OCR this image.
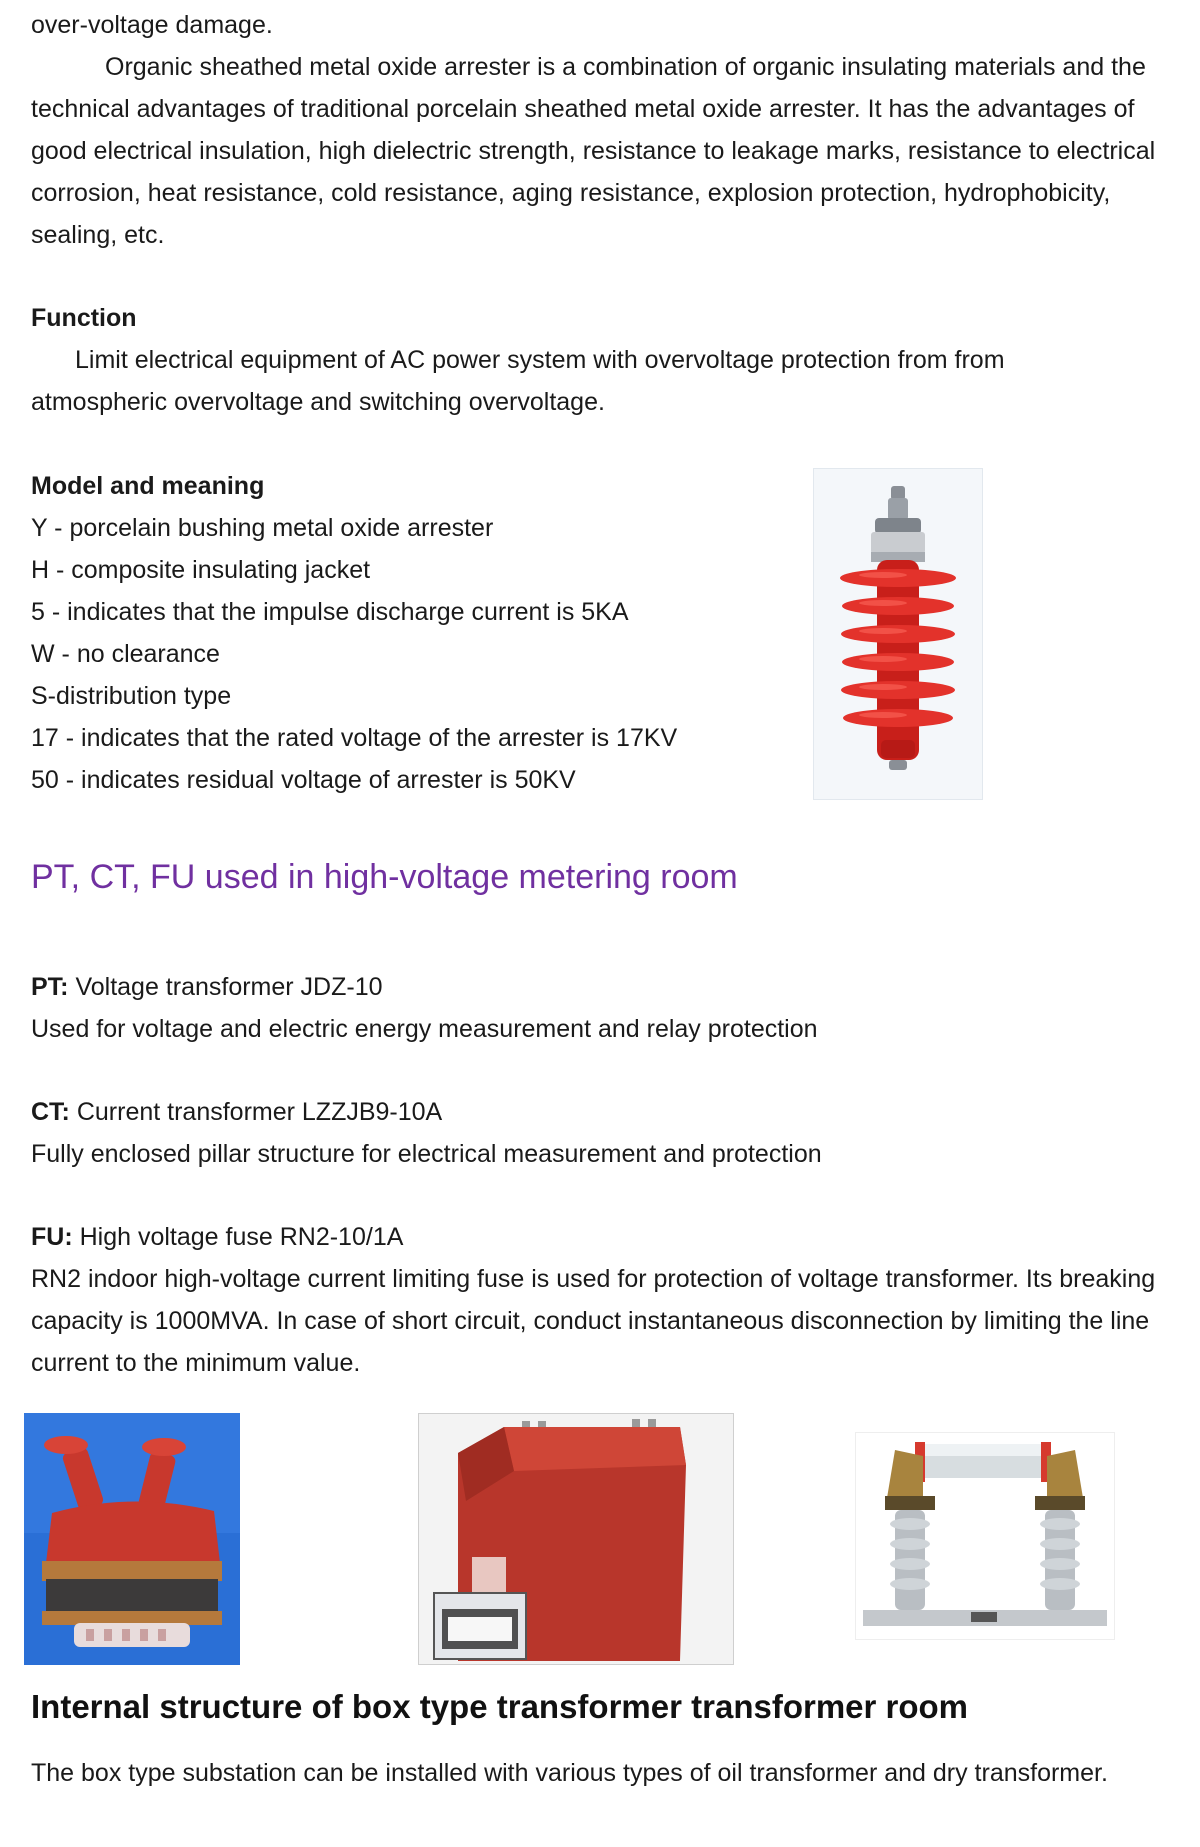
over-voltage damage.
Organic sheathed metal oxide arrester is a combination of organic insulating materials and the technical advantages of traditional porcelain sheathed metal oxide arrester. It has the advantages of good electrical insulation, high dielectric strength, resistance to leakage marks, resistance to electrical corrosion, heat resistance, cold resistance, aging resistance, explosion protection, hydrophobicity, sealing, etc.

Function

Limit electrical equipment of AC power system with overvoltage protection from from atmospheric overvoltage and switching overvoltage.

Model and meaning

Y - porcelain bushing metal oxide arrester
H - composite insulating jacket
5 - indicates that the impulse discharge current is 5KA
W - no clearance
S-distribution type
17 - indicates that the rated voltage of the arrester is 17KV
50 - indicates residual voltage of arrester is 50KV
PT, CT, FU used in high-voltage metering room

PT: Voltage transformer JDZ-10

Used for voltage and electric energy measurement and relay protection

CT: Current transformer LZZJB9-10A

Fully enclosed pillar structure for electrical measurement and protection

FU: High voltage fuse RN2-10/1A

RN2 indoor high-voltage current limiting fuse is used for protection of voltage transformer. Its breaking capacity is 1000MVA. In case of short circuit, conduct instantaneous disconnection by limiting the line current to the minimum value.

Internal structure of box type transformer transformer room

The box type substation can be installed with various types of oil transformer and dry transformer.
